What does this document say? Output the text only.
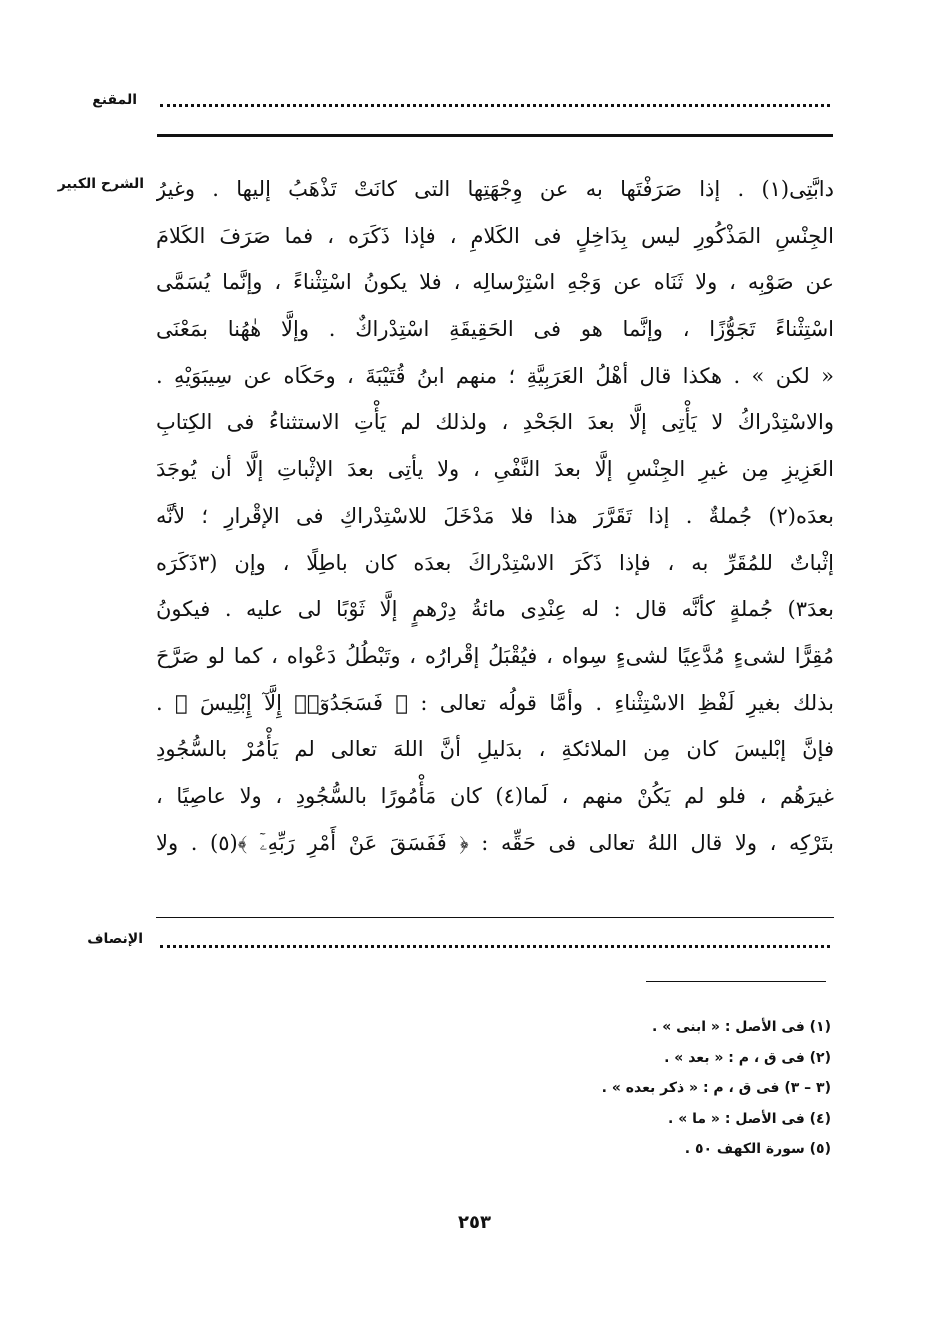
المقنع
الشرح الكبير دابَّتِى(١) . إذا صَرَفْتَها به عن وِجْهَتِها التى كانَتْ تَذْهَبُ إليها . وغيرُ
الجِنْسِ المَذْكُورِ ليس بِدَاخِلٍ فى الكَلامِ ، فإذا ذَكَرَه ، فما صَرَفَ الكَلامَ
عن صَوْبِه ، ولا ثَنَاه عن وَجْهِ اسْتِرْسالِه ، فلا يكونُ اسْتِثْناءً ، وإنَّما يُسَمَّى
اسْتِثْناءً تَجَوُّزًا ، وإنَّما هو فى الحَقِيقَةِ اسْتِدْراكٌ . وإلَّا هٰهُنا بمَعْنَى
« لكن » . هكذا قال أهْلُ العَرَبِيَّةِ ؛ منهم ابنُ قُتَيْبَةَ ، وحَكَاه عن سِيبَوَيْهِ .
والاسْتِدْراكُ لا يَأْتِى إلَّا بعدَ الجَحْدِ ، ولذلك لم يَأْتِ الاستثناءُ فى الكِتابِ
العَزِيزِ مِن غيرِ الجِنْسِ إلَّا بعدَ النَّفْىِ ، ولا يأتِى بعدَ الإثْباتِ إلَّا أن يُوجَدَ
بعدَه(٢) جُملةٌ . إذا تَقَرَّرَ هذا فلا مَدْخَلَ للاسْتِدْراكِ فى الإقْرارِ ؛ لأنَّه
إثْباتٌ للمُقَرِّ به ، فإذا ذَكَرَ الاسْتِدْراكَ بعدَه كان باطِلًا ، وإن (٣ذَكَرَه
بعدَ٣) جُملةٍ كأنَّه قال : له عِنْدِى مائةُ دِرْهمٍ إلَّا ثَوْبًا لى عليه . فيكونُ
مُقِرًّا لشىءٍ مُدَّعِيًا لشىءٍ سِواه ، فيُقْبَلُ إقْرارُه ، وتَبْطُلُ دَعْواه ، كما لو صَرَّحَ
بذلك بغيرِ لَفْظِ الاسْتِثْناءِ . وأمَّا قولُه تعالى : ﴿ فَسَجَدُوٓا۟ إِلَّآ إِبْلِيسَ ﴾ .
فإنَّ إبْليسَ كان مِن الملائكةِ ، بدَليلِ أنَّ اللهَ تعالى لم يَأْمُرْ بالسُّجُودِ
غيرَهُم ، فلو لم يَكُنْ منهم ، لَما(٤) كان مَأْمُورًا بالسُّجُودِ ، ولا عاصِيًا ،
بتَرْكِه ، ولا قال اللهُ تعالى فى حَقِّه : ﴿ فَفَسَقَ عَنْ أَمْرِ رَبِّهِۦٓ ﴾(٥) . ولا
الإنصاف
(١) فى الأصل : « ابنى » .
(٢) فى ق ، م : « بعد » .
(٣ – ٣) فى ق ، م : « ذكر بعده » .
(٤) فى الأصل : « ما » .
(٥) سورة الكهف ٥٠ .
٢٥٣
